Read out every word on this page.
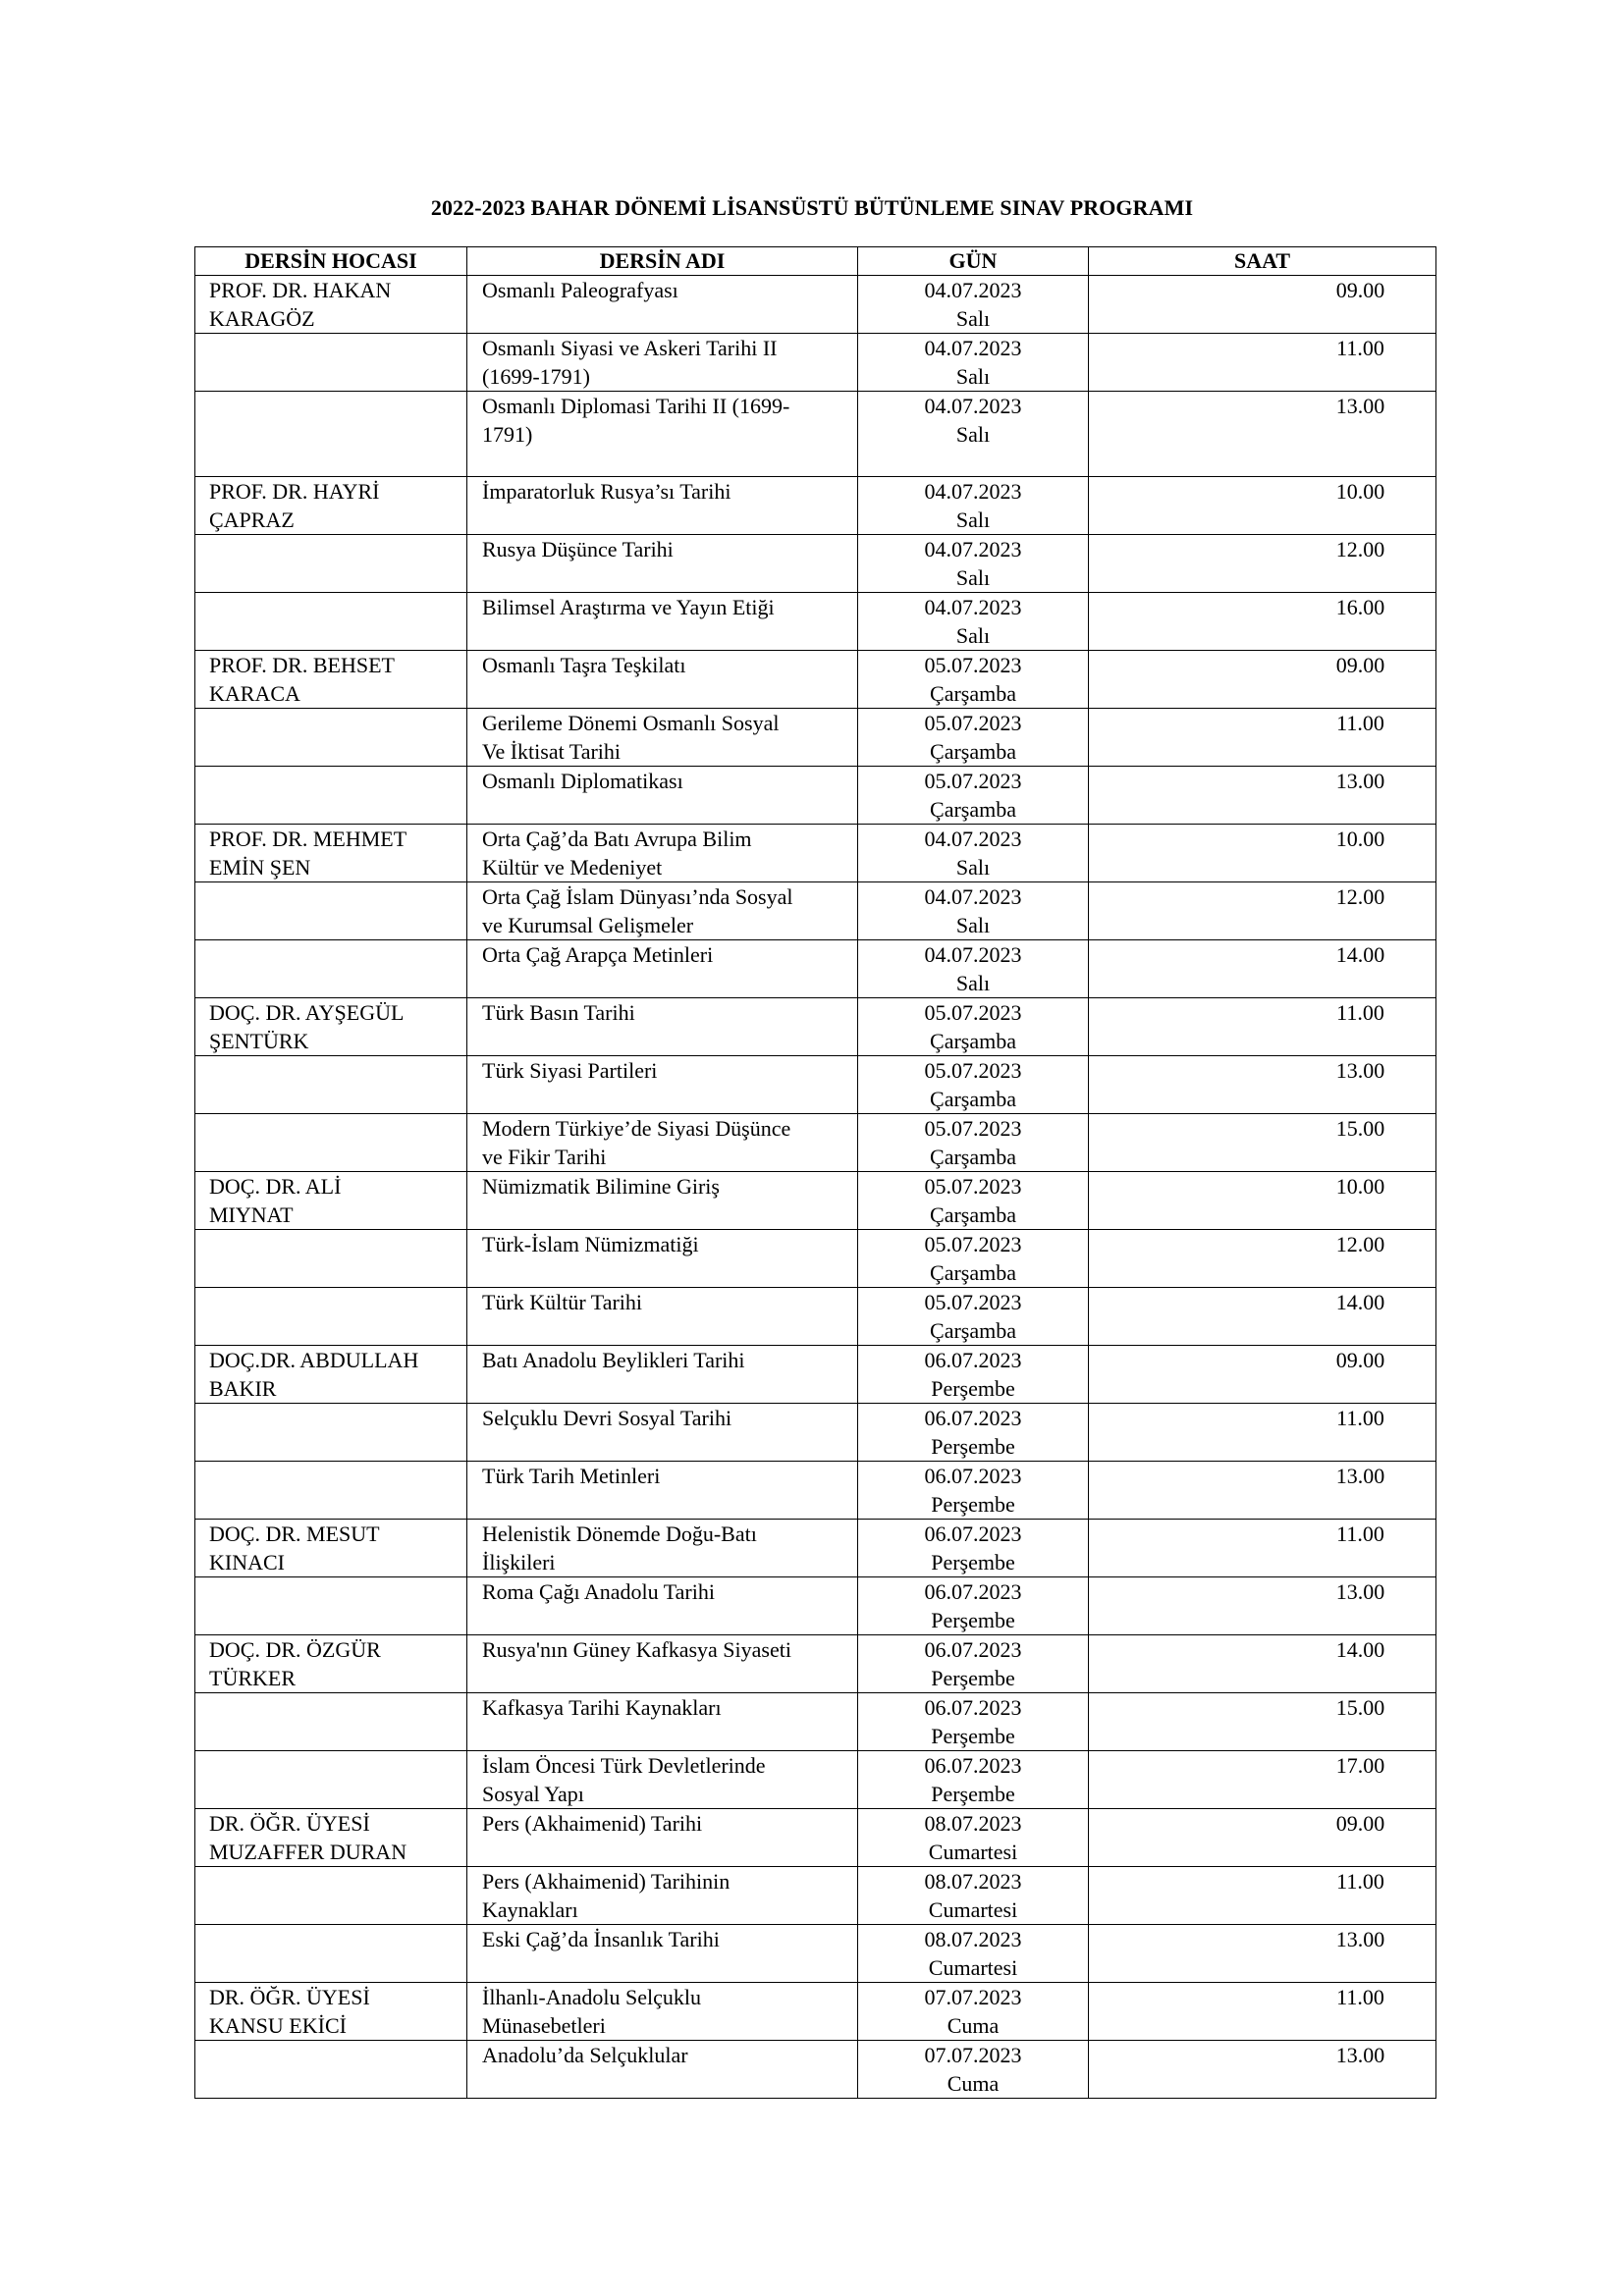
2022-2023 BAHAR DÖNEMİ LİSANSÜSTÜ BÜTÜNLEME SINAV PROGRAMI
DERSİN HOCASI	DERSİN ADI	GÜN	SAAT

PROF. DR. HAKAN
KARAGÖZ	Osmanlı Paleografyası	04.07.2023
Salı	09.00

	Osmanlı Siyasi ve Askeri Tarihi II
(1699-1791)	04.07.2023
Salı	11.00

	Osmanlı Diplomasi Tarihi II (1699-
1791)	04.07.2023
Salı	13.00

PROF. DR. HAYRİ
ÇAPRAZ	İmparatorluk Rusya’sı Tarihi	04.07.2023
Salı	10.00

	Rusya Düşünce Tarihi	04.07.2023
Salı	12.00

	Bilimsel Araştırma ve Yayın Etiği	04.07.2023
Salı	16.00

PROF. DR. BEHSET
KARACA	Osmanlı Taşra Teşkilatı	05.07.2023
Çarşamba	09.00

	Gerileme Dönemi Osmanlı Sosyal
Ve İktisat Tarihi	05.07.2023
Çarşamba	11.00

	Osmanlı Diplomatikası	05.07.2023
Çarşamba	13.00

PROF. DR. MEHMET
EMİN ŞEN	Orta Çağ’da Batı Avrupa Bilim
Kültür ve Medeniyet	04.07.2023
Salı	10.00

	Orta Çağ İslam Dünyası’nda Sosyal
ve Kurumsal Gelişmeler	04.07.2023
Salı	12.00

	Orta Çağ Arapça Metinleri	04.07.2023
Salı	14.00

DOÇ. DR. AYŞEGÜL
ŞENTÜRK	Türk Basın Tarihi	05.07.2023
Çarşamba	11.00

	Türk Siyasi Partileri	05.07.2023
Çarşamba	13.00

	Modern Türkiye’de Siyasi Düşünce
ve Fikir Tarihi	05.07.2023
Çarşamba	15.00

DOÇ. DR. ALİ
MIYNAT	Nümizmatik Bilimine Giriş	05.07.2023
Çarşamba	10.00

	Türk-İslam Nümizmatiği	05.07.2023
Çarşamba	12.00

	Türk Kültür Tarihi	05.07.2023
Çarşamba	14.00

DOÇ.DR. ABDULLAH
BAKIR	Batı Anadolu Beylikleri Tarihi	06.07.2023
Perşembe	09.00

	Selçuklu Devri Sosyal Tarihi	06.07.2023
Perşembe	11.00

	Türk Tarih Metinleri	06.07.2023
Perşembe	13.00

DOÇ. DR. MESUT
KINACI	Helenistik Dönemde Doğu-Batı
İlişkileri	06.07.2023
Perşembe	11.00

	Roma Çağı Anadolu Tarihi	06.07.2023
Perşembe	13.00

DOÇ. DR. ÖZGÜR
TÜRKER	Rusya'nın Güney Kafkasya Siyaseti	06.07.2023
Perşembe	14.00

	Kafkasya Tarihi Kaynakları	06.07.2023
Perşembe	15.00

	İslam Öncesi Türk Devletlerinde
Sosyal Yapı	06.07.2023
Perşembe	17.00

DR. ÖĞR. ÜYESİ
MUZAFFER DURAN	Pers (Akhaimenid) Tarihi	08.07.2023
Cumartesi	09.00

	Pers (Akhaimenid) Tarihinin
Kaynakları	08.07.2023
Cumartesi	11.00

	Eski Çağ’da İnsanlık Tarihi	08.07.2023
Cumartesi	13.00

DR. ÖĞR. ÜYESİ
KANSU EKİCİ	İlhanlı-Anadolu Selçuklu
Münasebetleri	07.07.2023
Cuma	11.00

	Anadolu’da Selçuklular	07.07.2023
Cuma	13.00
